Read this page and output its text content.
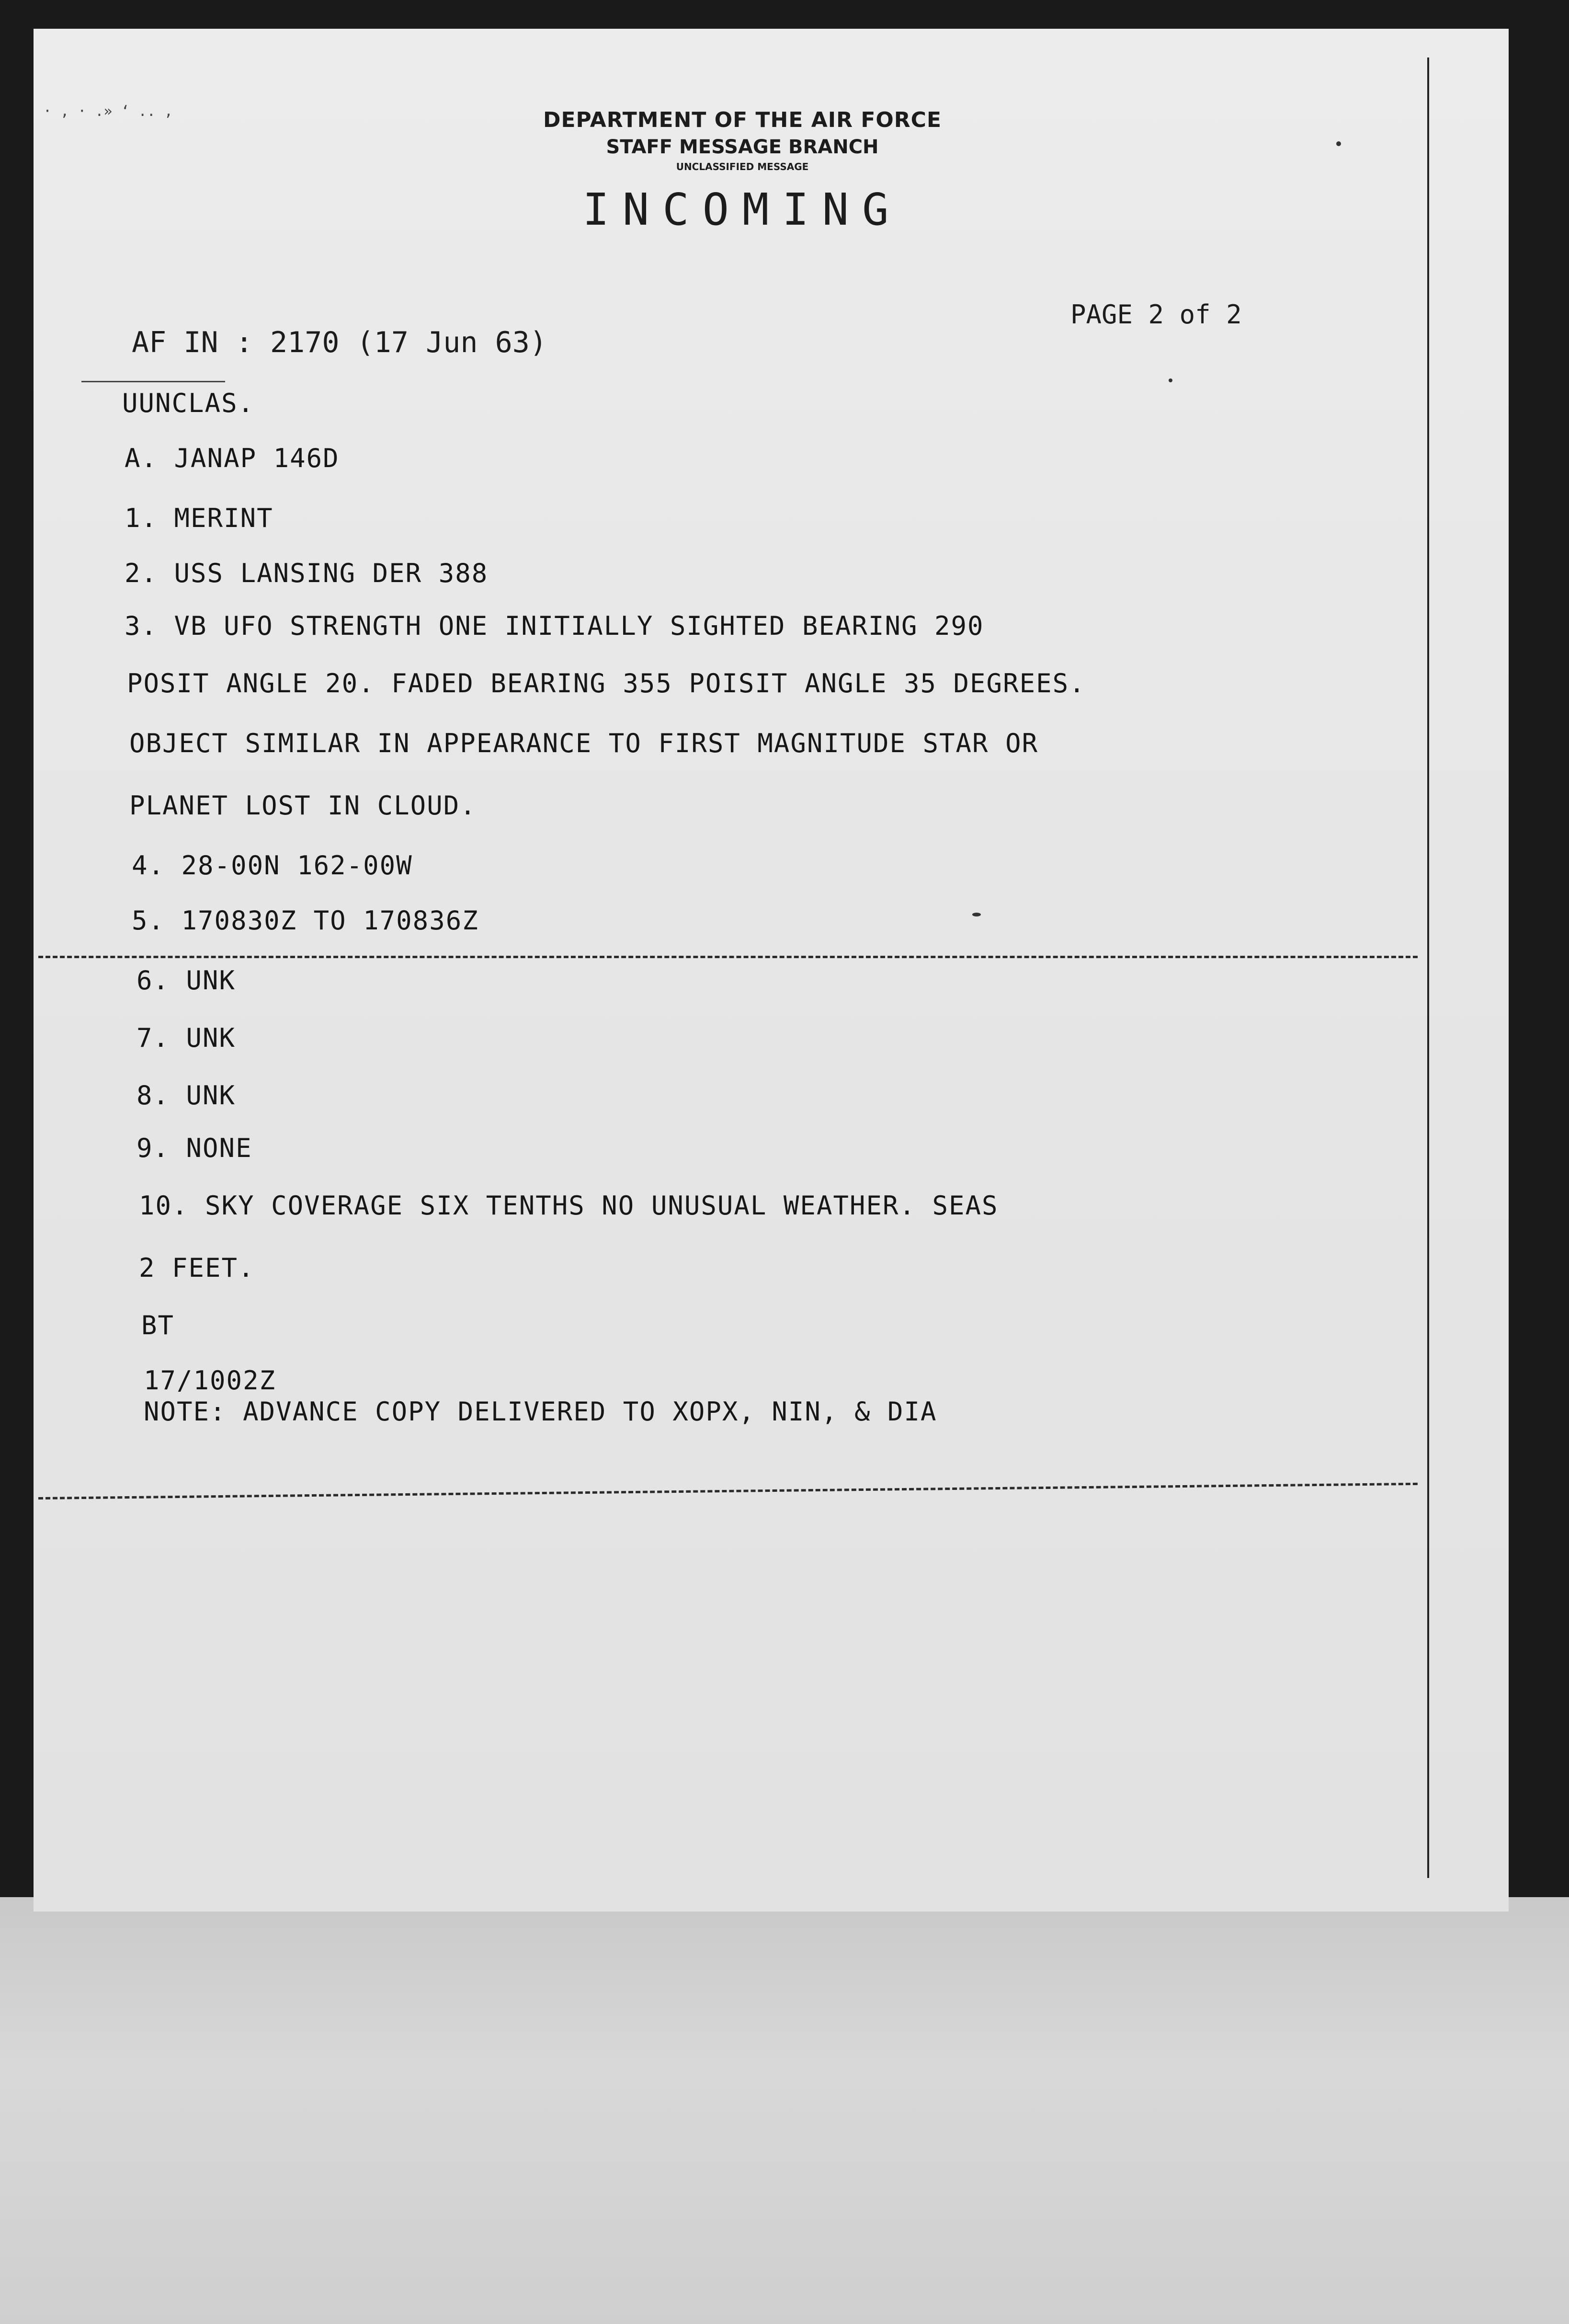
· , · .» ‘ .. ,	DEPARTMENT OF THE AIR FORCE
STAFF MESSAGE BRANCH
UNCLASSIFIED MESSAGE
INCOMING
PAGE 2 of 2
AF IN : 2170 (17 Jun 63)
UUNCLAS.
A. JANAP 146D
1. MERINT
2. USS LANSING DER 388
3. VB UFO STRENGTH ONE INITIALLY SIGHTED BEARING 290
POSIT ANGLE 20. FADED BEARING 355 POISIT ANGLE 35 DEGREES.
OBJECT SIMILAR IN APPEARANCE TO FIRST MAGNITUDE STAR OR
PLANET LOST IN CLOUD.
4. 28-00N 162-00W
5. 170830Z TO 170836Z
6. UNK
7. UNK
8. UNK
9. NONE
10. SKY COVERAGE SIX TENTHS NO UNUSUAL WEATHER. SEAS
2 FEET.
BT
17/1002Z
NOTE: ADVANCE COPY DELIVERED TO XOPX, NIN, & DIA
